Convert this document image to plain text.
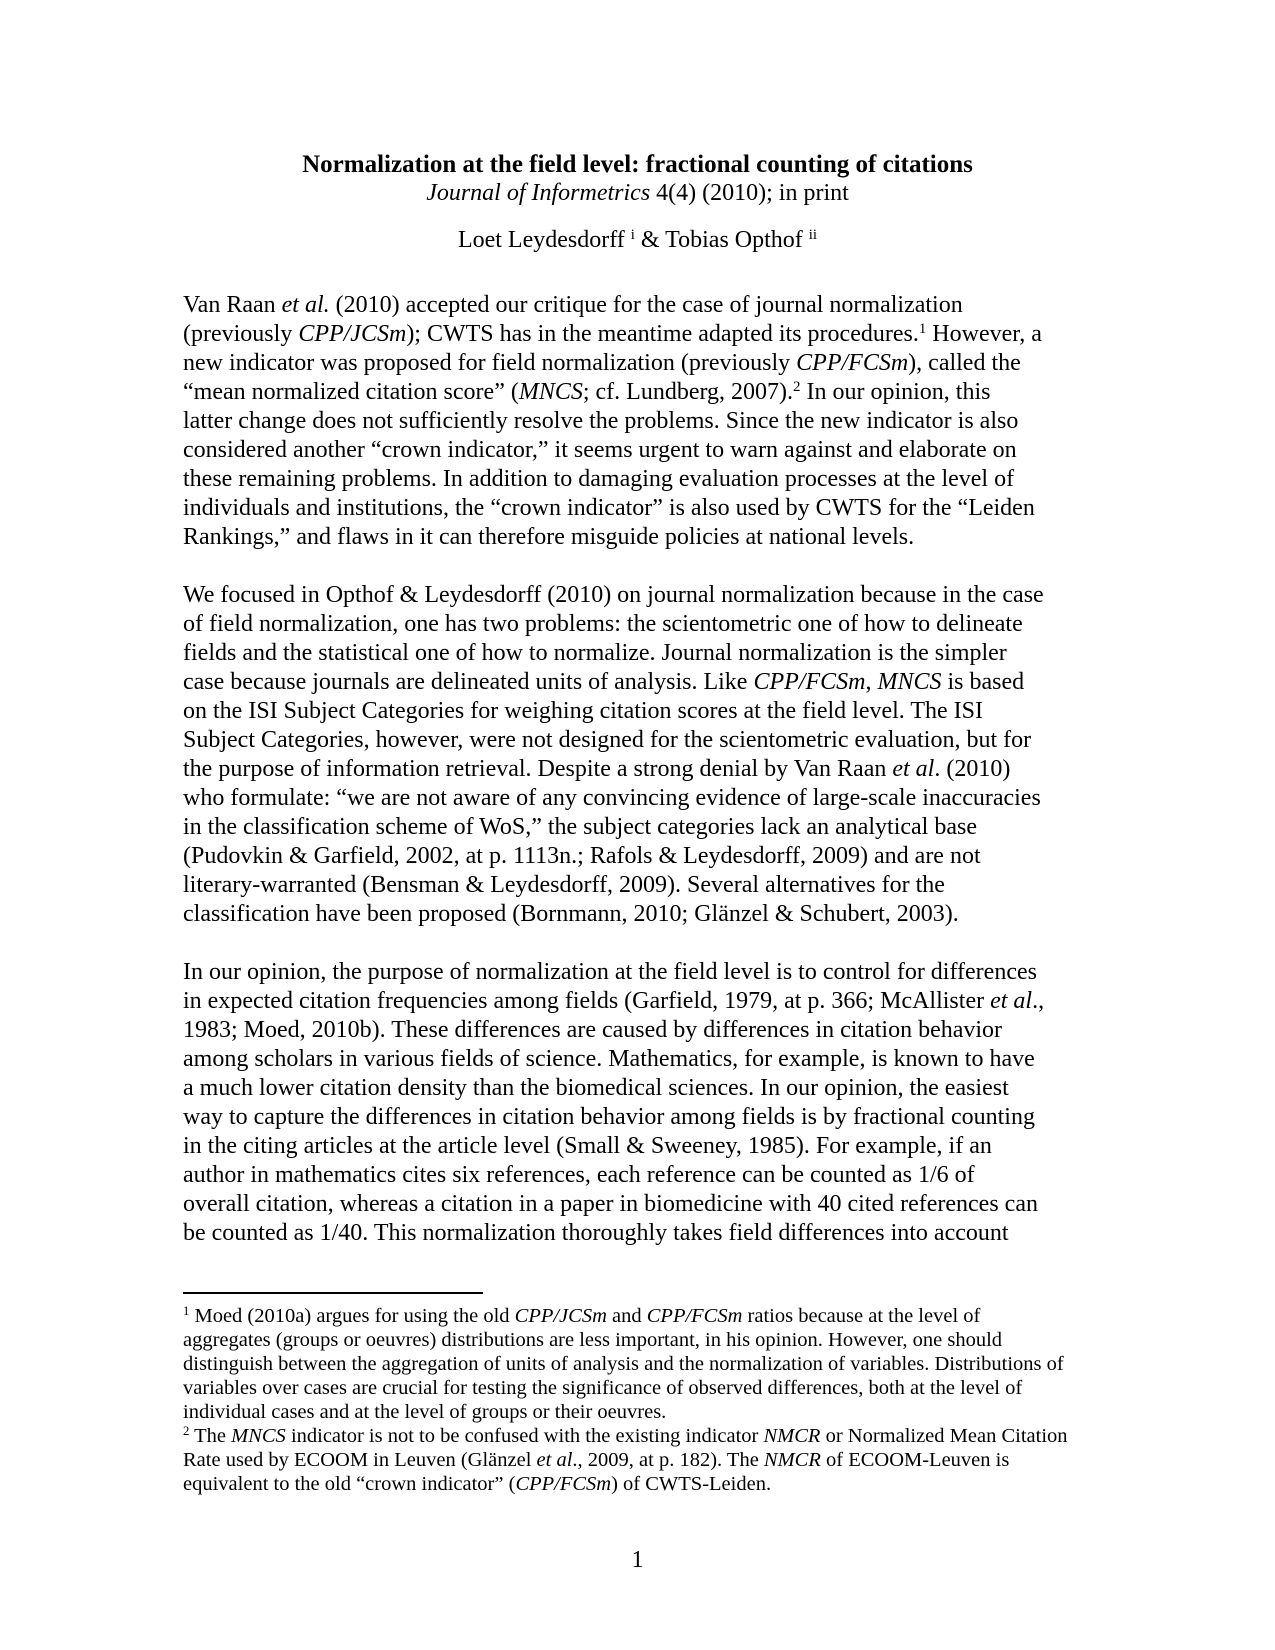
Normalization at the field level: fractional counting of citations
Journal of Informetrics 4(4) (2010); in print
Loet Leydesdorff $^i$ & Tobias Opthof $^{ii}$
Van Raan et al. (2010) accepted our critique for the case of journal normalization
(previously CPP/JCSm); CWTS has in the meantime adapted its procedures.$^1$ However, a
new indicator was proposed for field normalization (previously CPP/FCSm), called the
“mean normalized citation score” (MNCS; cf. Lundberg, 2007).$^2$ In our opinion, this
latter change does not sufficiently resolve the problems. Since the new indicator is also
considered another “crown indicator,” it seems urgent to warn against and elaborate on
these remaining problems. In addition to damaging evaluation processes at the level of
individuals and institutions, the “crown indicator” is also used by CWTS for the “Leiden
Rankings,” and flaws in it can therefore misguide policies at national levels.
We focused in Opthof & Leydesdorff (2010) on journal normalization because in the case
of field normalization, one has two problems: the scientometric one of how to delineate
fields and the statistical one of how to normalize. Journal normalization is the simpler
case because journals are delineated units of analysis. Like CPP/FCSm, MNCS is based
on the ISI Subject Categories for weighing citation scores at the field level. The ISI
Subject Categories, however, were not designed for the scientometric evaluation, but for
the purpose of information retrieval. Despite a strong denial by Van Raan et al. (2010)
who formulate: “we are not aware of any convincing evidence of large-scale inaccuracies
in the classification scheme of WoS,” the subject categories lack an analytical base
(Pudovkin & Garfield, 2002, at p. 1113n.; Rafols & Leydesdorff, 2009) and are not
literary-warranted (Bensman & Leydesdorff, 2009). Several alternatives for the
classification have been proposed (Bornmann, 2010; Glänzel & Schubert, 2003).
In our opinion, the purpose of normalization at the field level is to control for differences
in expected citation frequencies among fields (Garfield, 1979, at p. 366; McAllister et al.,
1983; Moed, 2010b). These differences are caused by differences in citation behavior
among scholars in various fields of science. Mathematics, for example, is known to have
a much lower citation density than the biomedical sciences. In our opinion, the easiest
way to capture the differences in citation behavior among fields is by fractional counting
in the citing articles at the article level (Small & Sweeney, 1985). For example, if an
author in mathematics cites six references, each reference can be counted as 1/6 of
overall citation, whereas a citation in a paper in biomedicine with 40 cited references can
be counted as 1/40. This normalization thoroughly takes field differences into account
$^1$ Moed (2010a) argues for using the old CPP/JCSm and CPP/FCSm ratios because at the level of
aggregates (groups or oeuvres) distributions are less important, in his opinion. However, one should
distinguish between the aggregation of units of analysis and the normalization of variables. Distributions of
variables over cases are crucial for testing the significance of observed differences, both at the level of
individual cases and at the level of groups or their oeuvres.
$^2$ The MNCS indicator is not to be confused with the existing indicator NMCR or Normalized Mean Citation
Rate used by ECOOM in Leuven (Glänzel et al., 2009, at p. 182). The NMCR of ECOOM-Leuven is
equivalent to the old “crown indicator” (CPP/FCSm) of CWTS-Leiden.
1
